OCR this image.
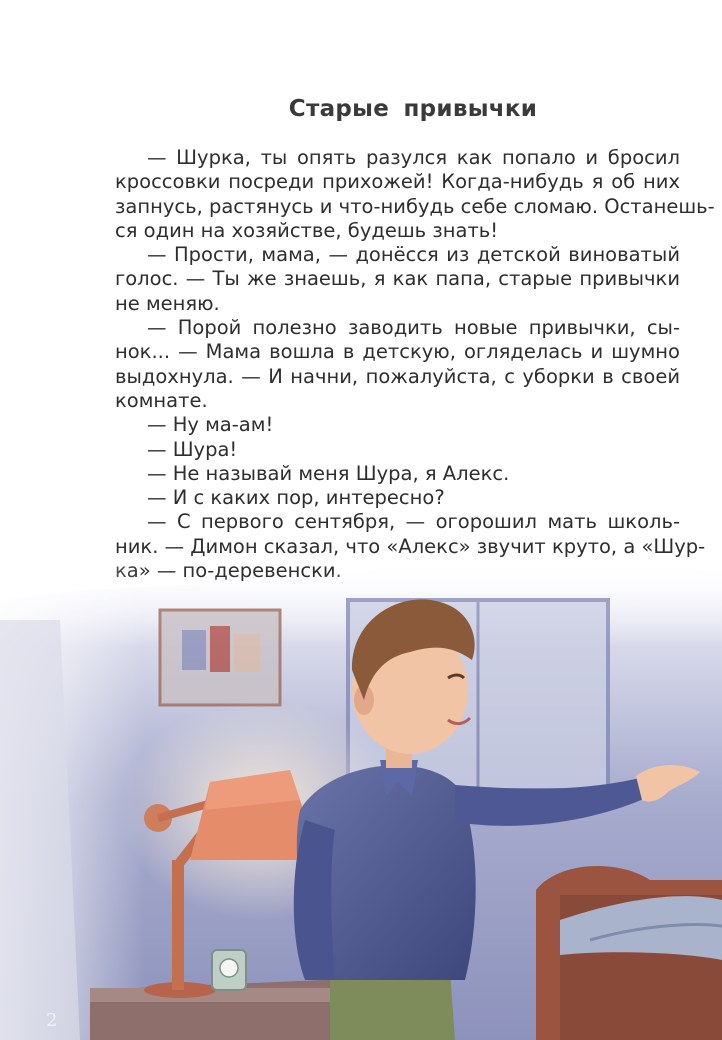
Старые привычки
— Шурка, ты опять разулся как попало и бросил
кроссовки посреди прихожей! Когда-нибудь я об них
запнусь, растянусь и что-нибудь себе сломаю. Останешь-
ся один на хозяйстве, будешь знать!
— Прости, мама, — донёсся из детской виноватый
голос. — Ты же знаешь, я как папа, старые привычки
не меняю.
— Порой полезно заводить новые привычки, сы-
нок... — Мама вошла в детскую, огляделась и шумно
выдохнула. — И начни, пожалуйста, с уборки в своей
комнате.
— Ну ма-ам!
— Шура!
— Не называй меня Шура, я Алекс.
— И с каких пор, интересно?
— С первого сентября, — огорошил мать школь-
ник. — Димон сказал, что «Алекс» звучит круто, а «Шур-
2
